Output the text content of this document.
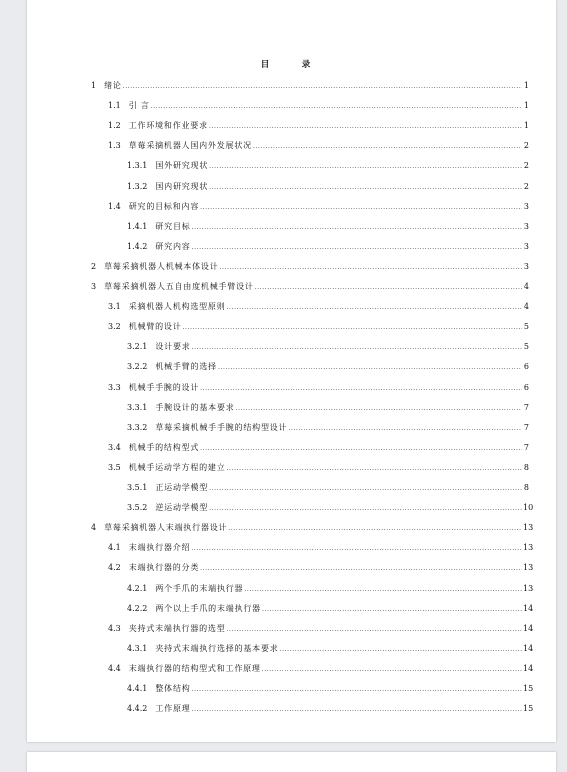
目　录
1	绪论 .....	1
1.1	引 言 .....	1
1.2	工作环境和作业要求 .....	1
1.3	草莓采摘机器人国内外发展状况 .....	2
1.3.1	国外研究现状 .....	2
1.3.2	国内研究现状 .....	2
1.4	研究的目标和内容 .....	3
1.4.1	研究目标 .....	3
1.4.2	研究内容 .....	3
2	草莓采摘机器人机械本体设计 .....	3
3	草莓采摘机器人五自由度机械手臂设计 .....	4
3.1	采摘机器人机构选型原则 .....	4
3.2	机械臂的设计 .....	5
3.2.1	设计要求 .....	5
3.2.2	机械手臂的选择 .....	6
3.3	机械手手腕的设计 .....	6
3.3.1	手腕设计的基本要求 .....	7
3.3.2	草莓采摘机械手手腕的结构型设计 .....	7
3.4	机械手的结构型式 .....	7
3.5	机械手运动学方程的建立 .....	8
3.5.1	正运动学模型 .....	8
3.5.2	逆运动学模型 .....	10
4	草莓采摘机器人末端执行器设计 .....	13
4.1	末端执行器介绍 .....	13
4.2	末端执行器的分类 .....	13
4.2.1	两个手爪的末端执行器 .....	13
4.2.2	两个以上手爪的末端执行器 .....	14
4.3	夹持式末端执行器的选型 .....	14
4.3.1	夹持式末端执行选择的基本要求 .....	14
4.4	末端执行器的结构型式和工作原理 .....	14
4.4.1	整体结构 .....	15
4.4.2	工作原理 .....	15
